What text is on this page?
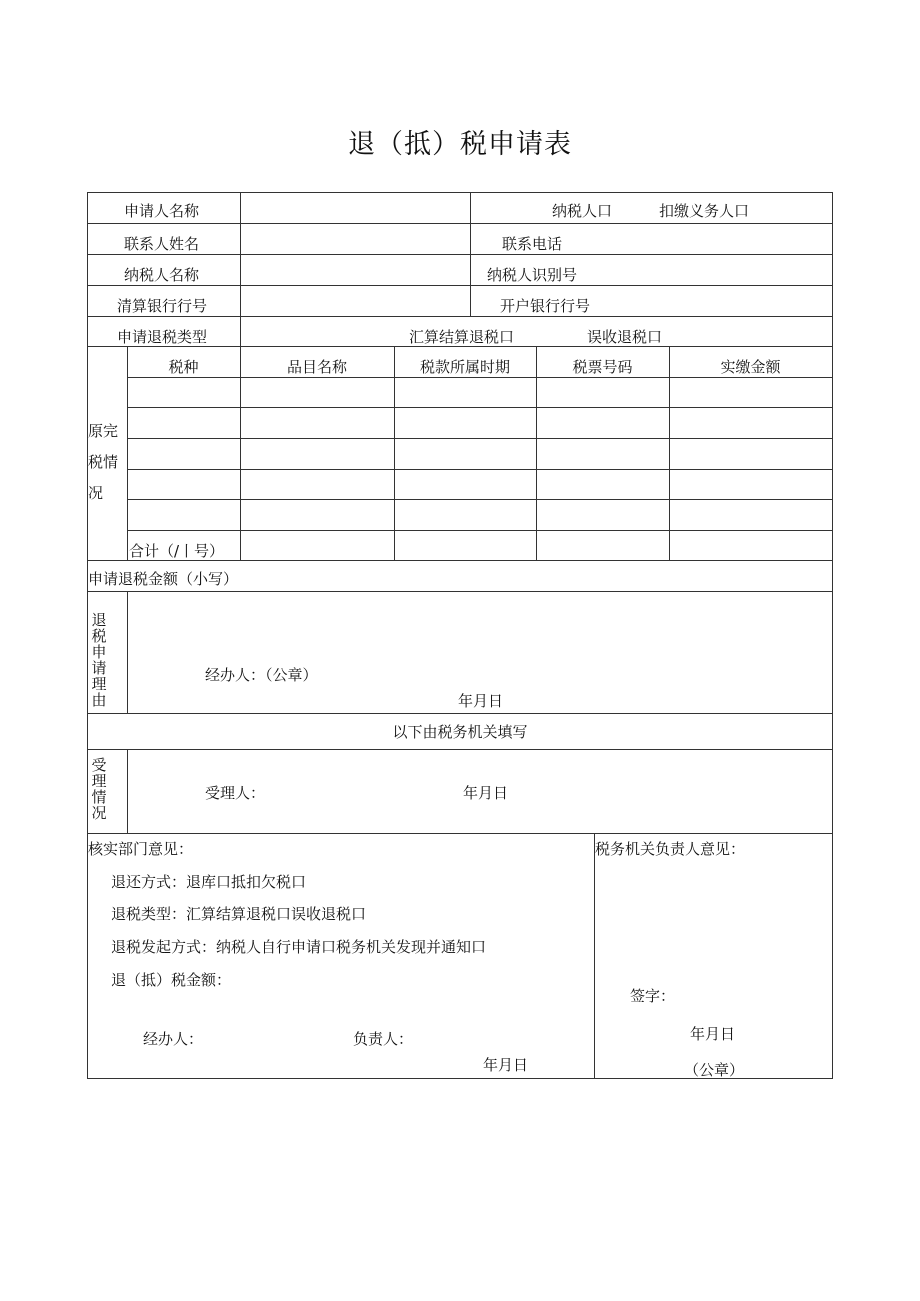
退（抵）税申请表
申请人名称	纳税人口	扣缴义务人口
联系人姓名	联系电话
纳税人名称	纳税人识别号
清算银行行号	开户银行行号
申请退税类型	汇算结算退税口	误收退税口
原完税情况
税种	品目名称	税款所属时期	税票号码	实缴金额
合计（/丨号）
申请退税金额（小写）
退税申请理由
经办人：（公章）
年月日
以下由税务机关填写
受理情况
受理人：	年月日
核实部门意见：
退还方式：退库口抵扣欠税口
退税类型：汇算结算退税口误收退税口
退税发起方式：纳税人自行申请口税务机关发现并通知口
退（抵）税金额：
经办人：	负责人：
年月日
税务机关负责人意见：
签字：
年月日
（公章）
